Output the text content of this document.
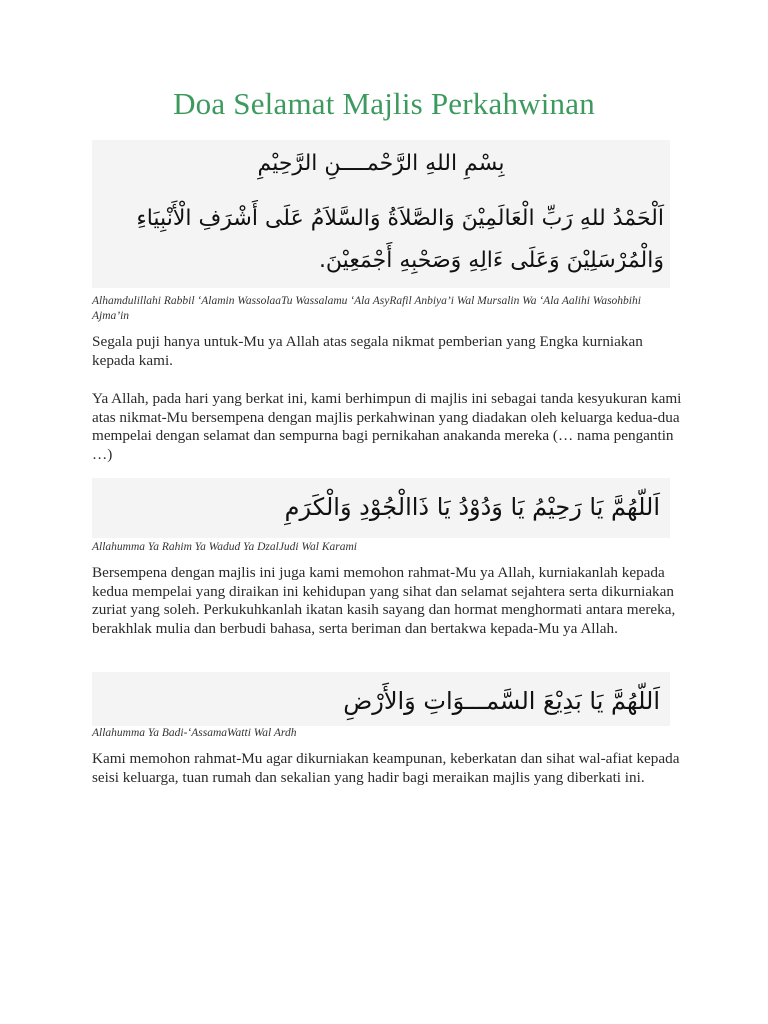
Doa Selamat Majlis Perkahwinan
بِسْمِ اللهِ الرَّحْمــــنِ الرَّحِيْمِ
اَلْحَمْدُ للهِ رَبِّ الْعَالَمِيْنَ وَالصَّلاَةُ وَالسَّلاَمُ عَلَى أَشْرَفِ الْأَنْبِيَاءِ وَالْمُرْسَلِيْنَ وَعَلَى ءَالِهِ وَصَحْبِهِ أَجْمَعِيْنَ.

Alhamdulillahi Rabbil ‘Alamin WassolaaTu Wassalamu ‘Ala AsyRafil Anbiya’i Wal Mursalin Wa ‘Ala Aalihi Wasohbihi Ajma’in

Segala puji hanya untuk-Mu ya Allah atas segala nikmat pemberian yang Engka kurniakan kepada kami.

Ya Allah, pada hari yang berkat ini, kami berhimpun di majlis ini sebagai tanda kesyukuran kami atas nikmat-Mu bersempena dengan majlis perkahwinan yang diadakan oleh keluarga kedua-dua mempelai dengan selamat dan sempurna bagi pernikahan anakanda mereka (… nama pengantin …)

اَللّهُمَّ يَا رَحِيْمُ يَا وَدُوْدُ يَا ذَاالْجُوْدِ وَالْكَرَمِ

Allahumma Ya Rahim Ya Wadud Ya DzalJudi Wal Karami

Bersempena dengan majlis ini juga kami memohon rahmat-Mu ya Allah, kurniakanlah kepada kedua mempelai yang diraikan ini kehidupan yang sihat dan selamat sejahtera serta dikurniakan zuriat yang soleh. Perkukuhkanlah ikatan kasih sayang dan hormat menghormati antara mereka, berakhlak mulia dan berbudi bahasa, serta beriman dan bertakwa kepada-Mu ya Allah.

اَللّهُمَّ يَا بَدِيْعَ السَّمـــوَاتِ وَالأَرْضِ

Allahumma Ya Badi-‘AssamaWatti Wal Ardh

Kami memohon rahmat-Mu agar dikurniakan keampunan, keberkatan dan sihat wal-afiat kepada seisi keluarga, tuan rumah dan sekalian yang hadir bagi meraikan majlis yang diberkati ini.
